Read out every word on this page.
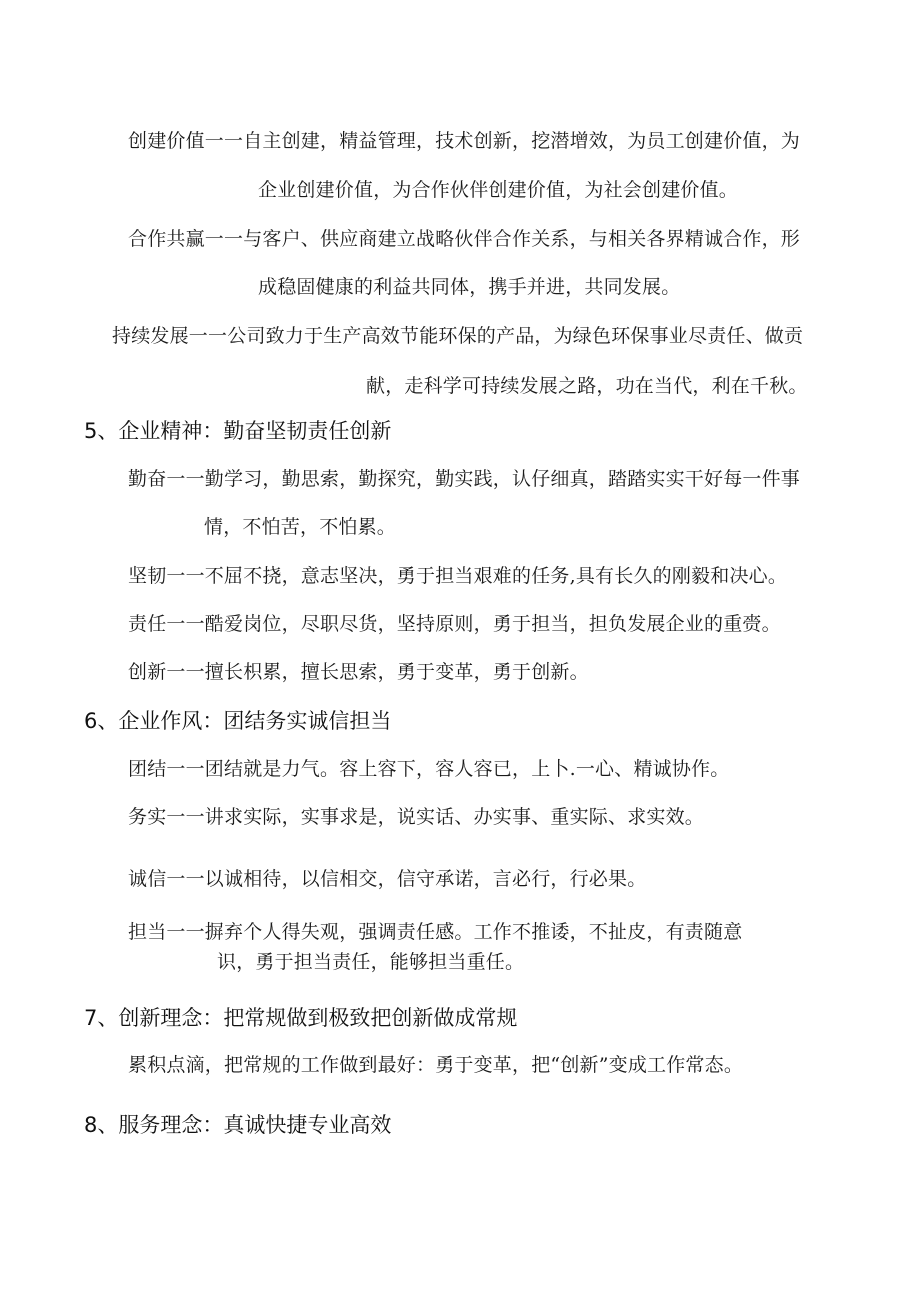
创建价值一一自主创建，精益管理，技术创新，挖潜增效，为员工创建价值，为
企业创建价值，为合作伙伴创建价值，为社会创建价值。
合作共赢一一与客户、供应商建立战略伙伴合作关系，与相关各界精诚合作，形
成稳固健康的利益共同体，携手并进，共同发展。
持续发展一一公司致力于生产高效节能环保的产品，为绿色环保事业尽责任、做贡
献，走科学可持续发展之路，功在当代，利在千秋。
5、企业精神：勤奋坚韧责任创新
勤奋一一勤学习，勤思索，勤探究，勤实践，认仔细真，踏踏实实干好每一件事
情，不怕苦，不怕累。
坚韧一一不屈不挠，意志坚决，勇于担当艰难的任务,具有长久的刚毅和决心。
责任一一酷爱岗位，尽职尽货，坚持原则，勇于担当，担负发展企业的重赍。
创新一一擅长枳累，擅长思索，勇于变革，勇于创新。
6、企业作风：团结务实诚信担当
团结一一团结就是力气。容上容下，容人容已，上卜.一心、精诚协作。
务实一一讲求实际，实事求是，说实话、办实事、重实际、求实效。
诚信一一以诚相待，以信相交，信守承诺，言必行，行必果。
担当一一摒弃个人得失观，强调责任感。工作不推诿，不扯皮，有责随意
识，勇于担当责任，能够担当重任。
7、创新理念：把常规做到极致把创新做成常规
累积点滴，把常规的工作做到最好：勇于变革，把“创新”变成工作常态。
8、服务理念：真诚快捷专业高效
